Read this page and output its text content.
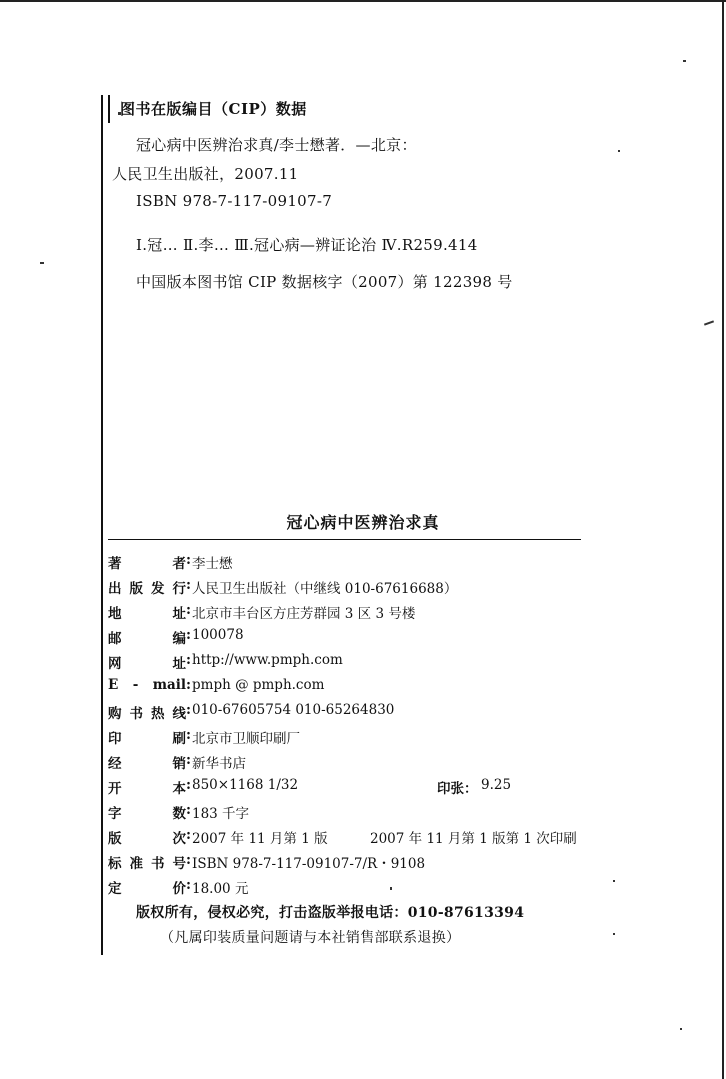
图书在版编目（CIP）数据
冠心病中医辨治求真/李士懋著．—北京：
人民卫生出版社，2007.11
ISBN 978-7-117-09107-7
Ⅰ.冠… Ⅱ.李… Ⅲ.冠心病—辨证论治 Ⅳ.R259.414
中国版本图书馆 CIP 数据核字（2007）第 122398 号
冠心病中医辨治求真
著者 : 李士懋
出版发行 : 人民卫生出版社（中继线 010-67616688）
地址 : 北京市丰台区方庄芳群园 3 区 3 号楼
邮编 : 100078
网址 : http://www.pmph.com
E - mail : pmph @ pmph.com
购书热线 : 010-67605754 010-65264830
印刷 : 北京市卫顺印刷厂
经销 : 新华书店
开本 : 850×1168 1/32	印张： 9.25
字数 : 183 千字
版次 : 2007 年 11 月第 1 版	2007 年 11 月第 1 版第 1 次印刷
标准书号 : ISBN 978-7-117-09107-7/R・9108
定价 : 18.00 元
版权所有，侵权必究，打击盗版举报电话：010-87613394
（凡属印装质量问题请与本社销售部联系退换）
